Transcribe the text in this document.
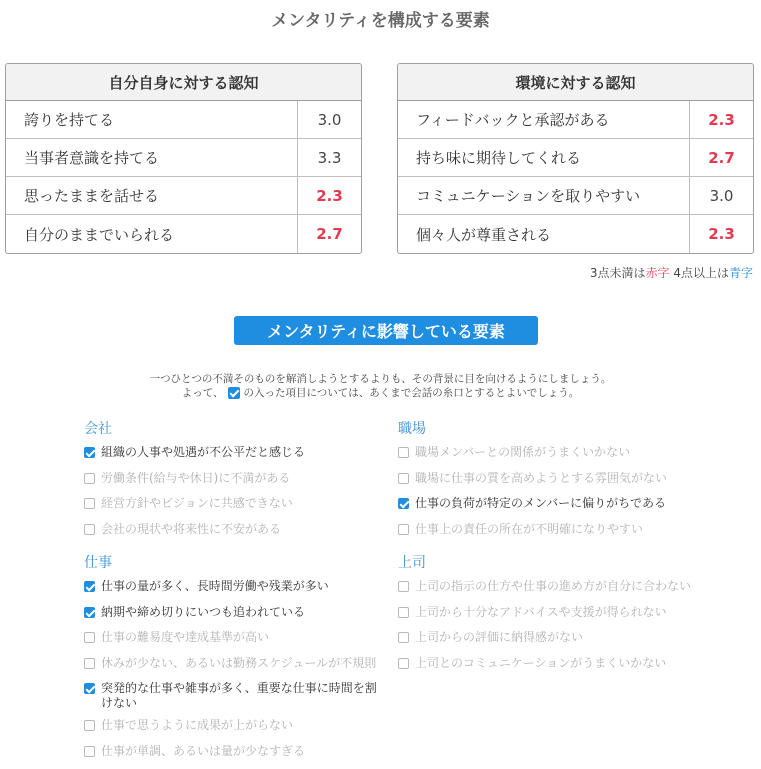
メンタリティを構成する要素
自分自身に対する認知
誇りを持てる	3.0
当事者意識を持てる	3.3
思ったままを話せる	2.3
自分のままでいられる	2.7
環境に対する認知
フィードバックと承認がある	2.3
持ち味に期待してくれる	2.7
コミュニケーションを取りやすい	3.0
個々人が尊重される	2.3
3点未満は赤字 4点以上は青字
メンタリティに影響している要素
一つひとつの不満そのものを解消しようとするよりも、その背景に目を向けるようにしましょう。
よって、 の入った項目については、あくまで会話の糸口とするとよいでしょう。
会社
組織の人事や処遇が不公平だと感じる
労働条件(給与や休日)に不満がある
経営方針やビジョンに共感できない
会社の現状や将来性に不安がある
仕事
仕事の量が多く、長時間労働や残業が多い
納期や締め切りにいつも追われている
仕事の難易度や達成基準が高い
休みが少ない、あるいは勤務スケジュールが不規則
突発的な仕事や雑事が多く、重要な仕事に時間を割けない
仕事で思うように成果が上がらない
仕事が単調、あるいは量が少なすぎる
職場
職場メンバーとの関係がうまくいかない
職場に仕事の質を高めようとする雰囲気がない
仕事の負荷が特定のメンバーに偏りがちである
仕事上の責任の所在が不明確になりやすい
上司
上司の指示の仕方や仕事の進め方が自分に合わない
上司から十分なアドバイスや支援が得られない
上司からの評価に納得感がない
上司とのコミュニケーションがうまくいかない
